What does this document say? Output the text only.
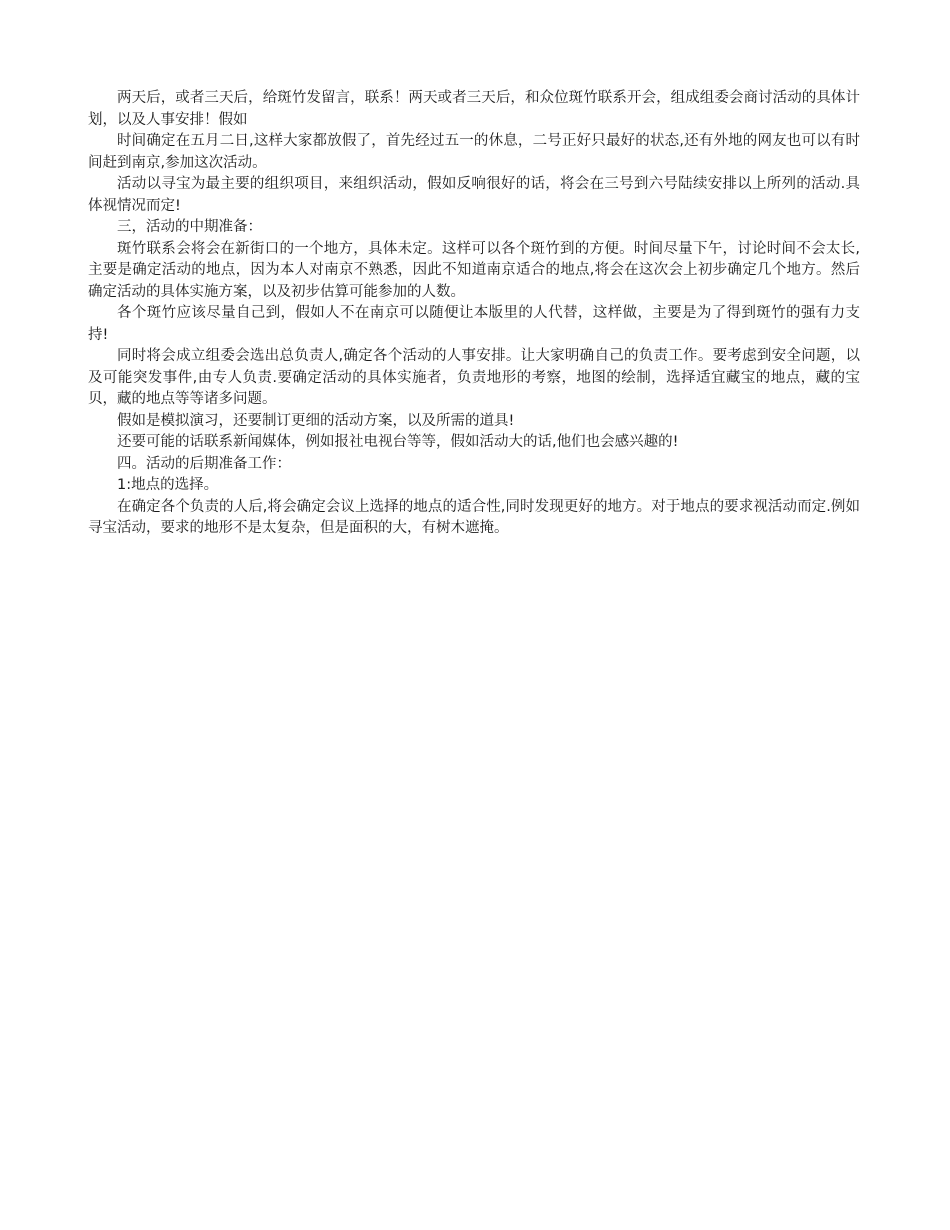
两天后，或者三天后，给斑竹发留言，联系！两天或者三天后，和众位斑竹联系开会，组成组委会商讨活动的具体计划，以及人事安排！假如

时间确定在五月二日,这样大家都放假了，首先经过五一的休息，二号正好只最好的状态,还有外地的网友也可以有时间赶到南京,参加这次活动。

活动以寻宝为最主要的组织项目，来组织活动，假如反响很好的话，将会在三号到六号陆续安排以上所列的活动.具体视情况而定!

三，活动的中期准备：

斑竹联系会将会在新街口的一个地方，具体未定。这样可以各个斑竹到的方便。时间尽量下午，讨论时间不会太长,主要是确定活动的地点，因为本人对南京不熟悉，因此不知道南京适合的地点,将会在这次会上初步确定几个地方。然后确定活动的具体实施方案，以及初步估算可能参加的人数。

各个斑竹应该尽量自己到，假如人不在南京可以随便让本版里的人代替，这样做，主要是为了得到斑竹的强有力支持!

同时将会成立组委会选出总负责人,确定各个活动的人事安排。让大家明确自己的负责工作。要考虑到安全问题，以及可能突发事件,由专人负责.要确定活动的具体实施者，负责地形的考察，地图的绘制，选择适宜藏宝的地点，藏的宝贝，藏的地点等等诸多问题。

假如是模拟演习，还要制订更细的活动方案，以及所需的道具!

还要可能的话联系新闻媒体，例如报社电视台等等，假如活动大的话,他们也会感兴趣的!

四。活动的后期准备工作：

1:地点的选择。

在确定各个负责的人后,将会确定会议上选择的地点的适合性,同时发现更好的地方。对于地点的要求视活动而定.例如寻宝活动，要求的地形不是太复杂，但是面积的大，有树木遮掩。
